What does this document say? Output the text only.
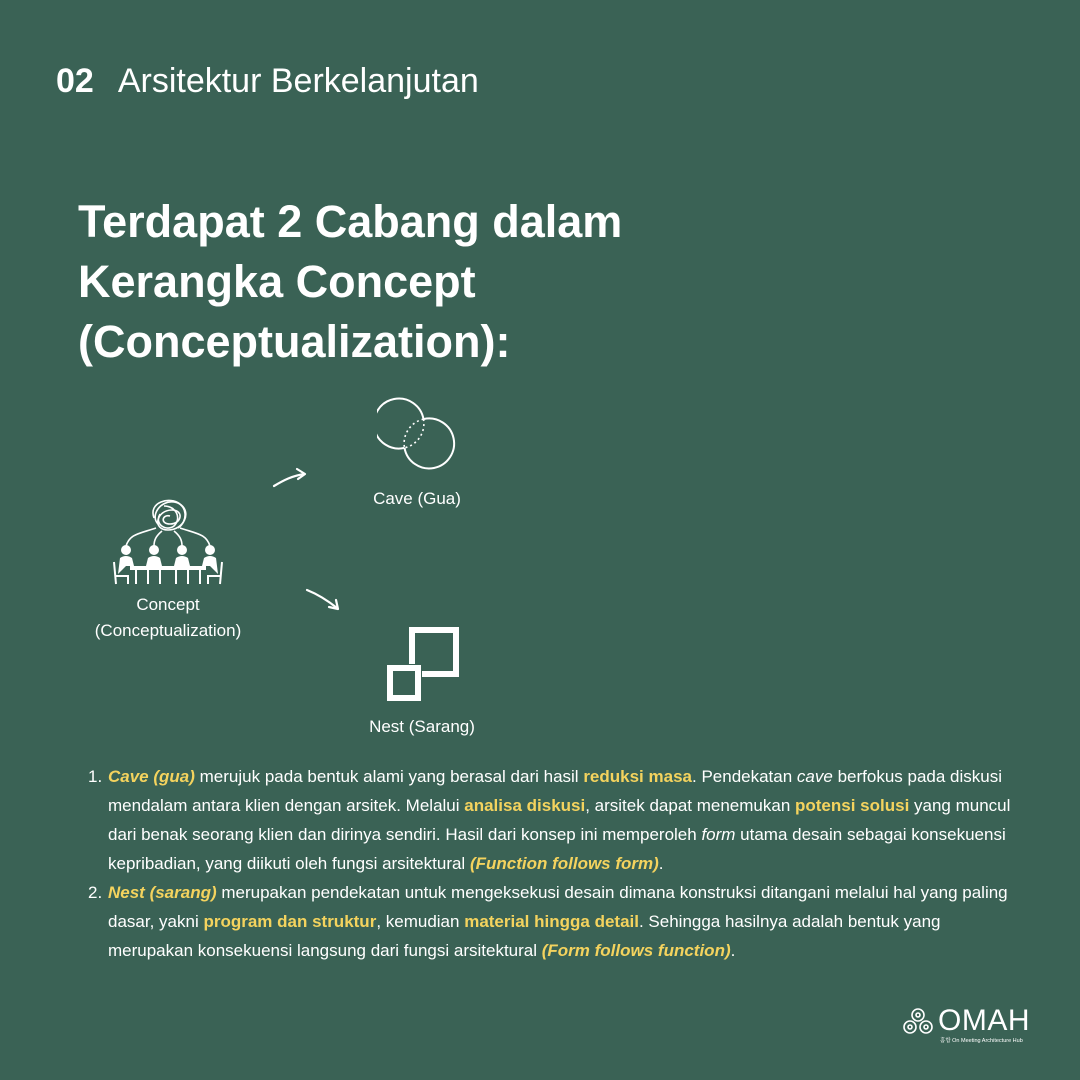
02 Arsitektur Berkelanjutan
Terdapat 2 Cabang dalam
Kerangka Concept
(Conceptualization):
Concept
(Conceptualization)
Cave (Gua)
Nest (Sarang)
1. Cave (gua) merujuk pada bentuk alami yang berasal dari hasil reduksi masa. Pendekatan cave berfokus pada diskusi mendalam antara klien dengan arsitek. Melalui analisa diskusi, arsitek dapat menemukan potensi solusi yang muncul dari benak seorang klien dan dirinya sendiri. Hasil dari konsep ini memperoleh form utama desain sebagai konsekuensi kepribadian, yang diikuti oleh fungsi arsitektural (Function follows form).
2. Nest (sarang) merupakan pendekatan untuk mengeksekusi desain dimana konstruksi ditangani melalui hal yang paling dasar, yakni program dan struktur, kemudian material hingga detail. Sehingga hasilnya adalah bentuk yang merupakan konsekuensi langsung dari fungsi arsitektural (Form follows function).
OMAH
홈합 On Meeting Architecture Hub
